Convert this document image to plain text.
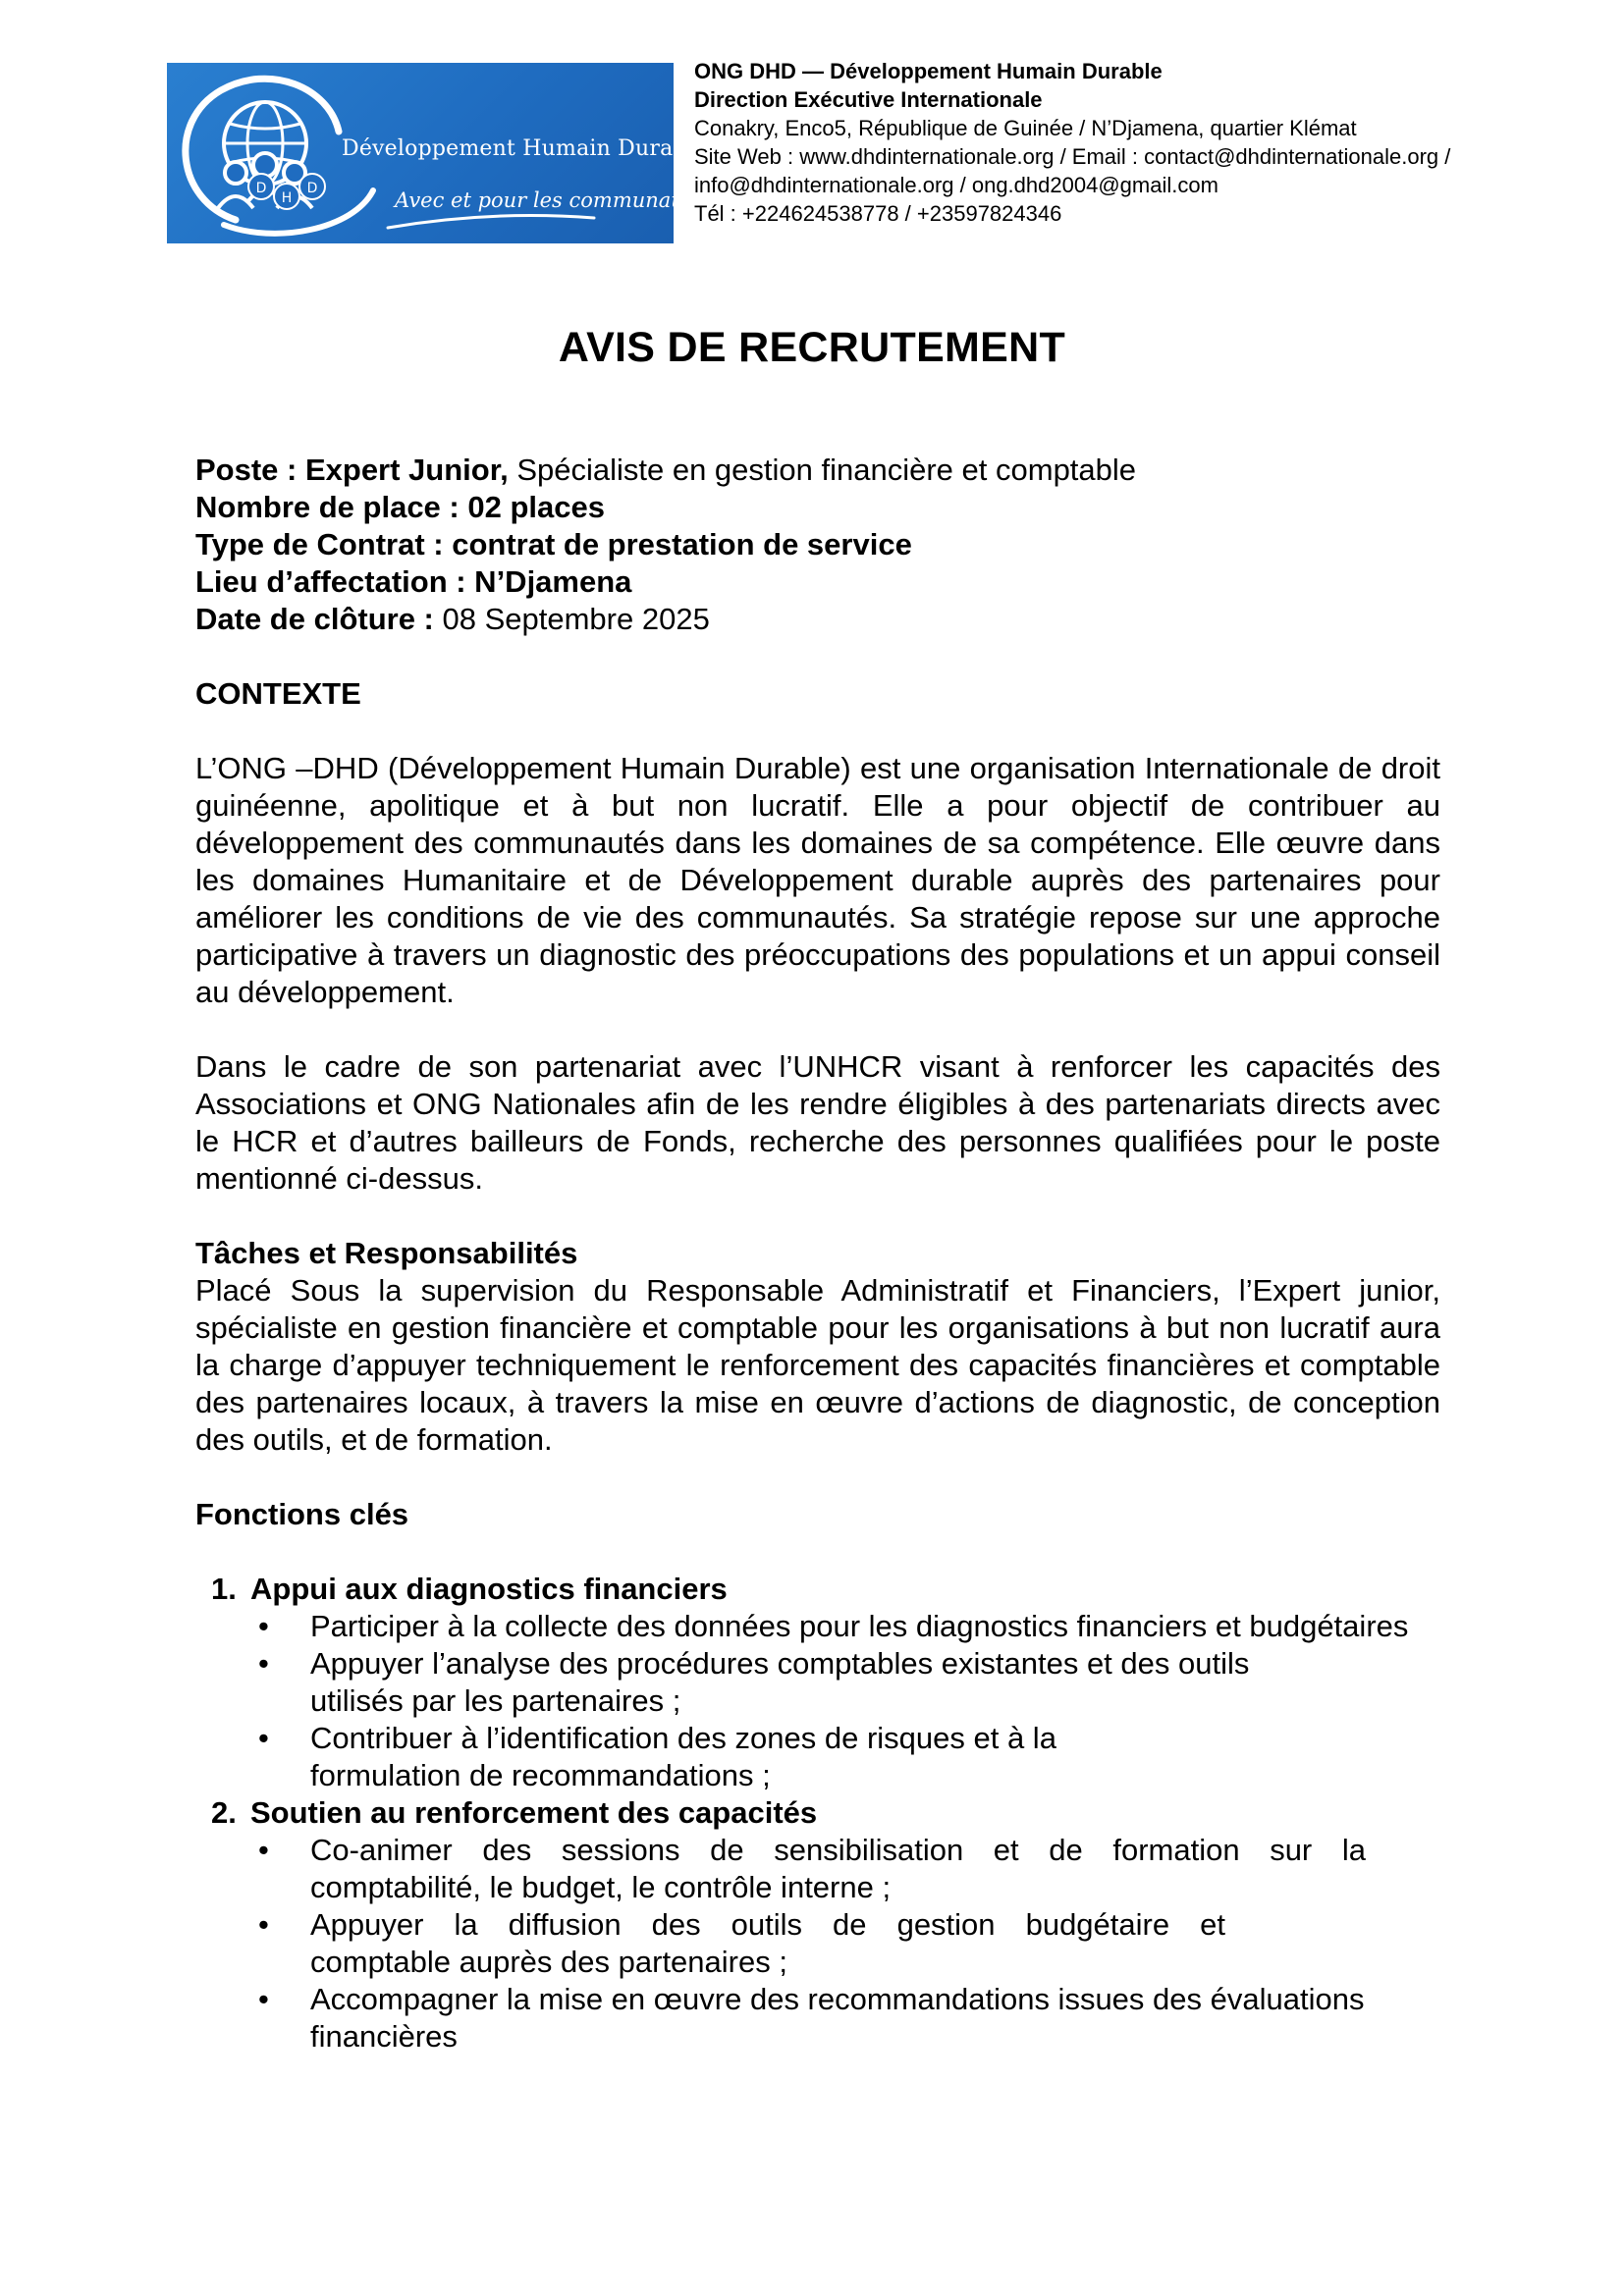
D
H
D
Développement Humain Durable
Avec et pour les communautés
ONG DHD — Développement Humain Durable
Direction Exécutive Internationale
Conakry, Enco5, République de Guinée / N’Djamena, quartier Klémat
Site Web : www.dhdinternationale.org / Email : contact@dhdinternationale.org /
info@dhdinternationale.org / ong.dhd2004@gmail.com
Tél : +224624538778 / +23597824346
AVIS DE RECRUTEMENT
Poste : Expert Junior, Spécialiste en gestion financière et comptable
Nombre de place : 02 places
Type de Contrat : contrat de prestation de service
Lieu d’affectation : N’Djamena
Date de clôture : 08 Septembre 2025
CONTEXTE

L’ONG –DHD (Développement Humain Durable) est une organisation Internationale de droit guinéenne, apolitique et à but non lucratif. Elle a pour objectif de contribuer au développement des communautés dans les domaines de sa compétence. Elle œuvre dans les domaines Humanitaire et de Développement durable auprès des partenaires pour améliorer les conditions de vie des communautés. Sa stratégie repose sur une approche participative à travers un diagnostic des préoccupations des populations et un appui conseil au développement.

Dans le cadre de son partenariat avec l’UNHCR visant à renforcer les capacités des Associations et ONG Nationales afin de les rendre éligibles à des partenariats directs avec le HCR et d’autres bailleurs de Fonds, recherche des personnes qualifiées pour le poste mentionné ci-dessus.

Tâches et Responsabilités

Placé Sous la supervision du Responsable Administratif et Financiers, l’Expert junior, spécialiste en gestion financière et comptable pour les organisations à but non lucratif aura la charge d’appuyer techniquement le renforcement des capacités financières et comptable des partenaires locaux, à travers la mise en œuvre d’actions de diagnostic, de conception des outils, et de formation.

Fonctions clés
1. Appui aux diagnostics financiers
• Participer à la collecte des données pour les diagnostics financiers et budgétaires
• Appuyer l’analyse des procédures comptables existantes et des outils
utilisés par les partenaires ;
• Contribuer à l’identification des zones de risques et à la
formulation de recommandations ;
2. Soutien au renforcement des capacités
• Co-animer des sessions de sensibilisation et de formation sur la
comptabilité, le budget, le contrôle interne ;
• Appuyer la diffusion des outils de gestion budgétaire et
comptable auprès des partenaires ;
• Accompagner la mise en œuvre des recommandations issues des évaluations financières
